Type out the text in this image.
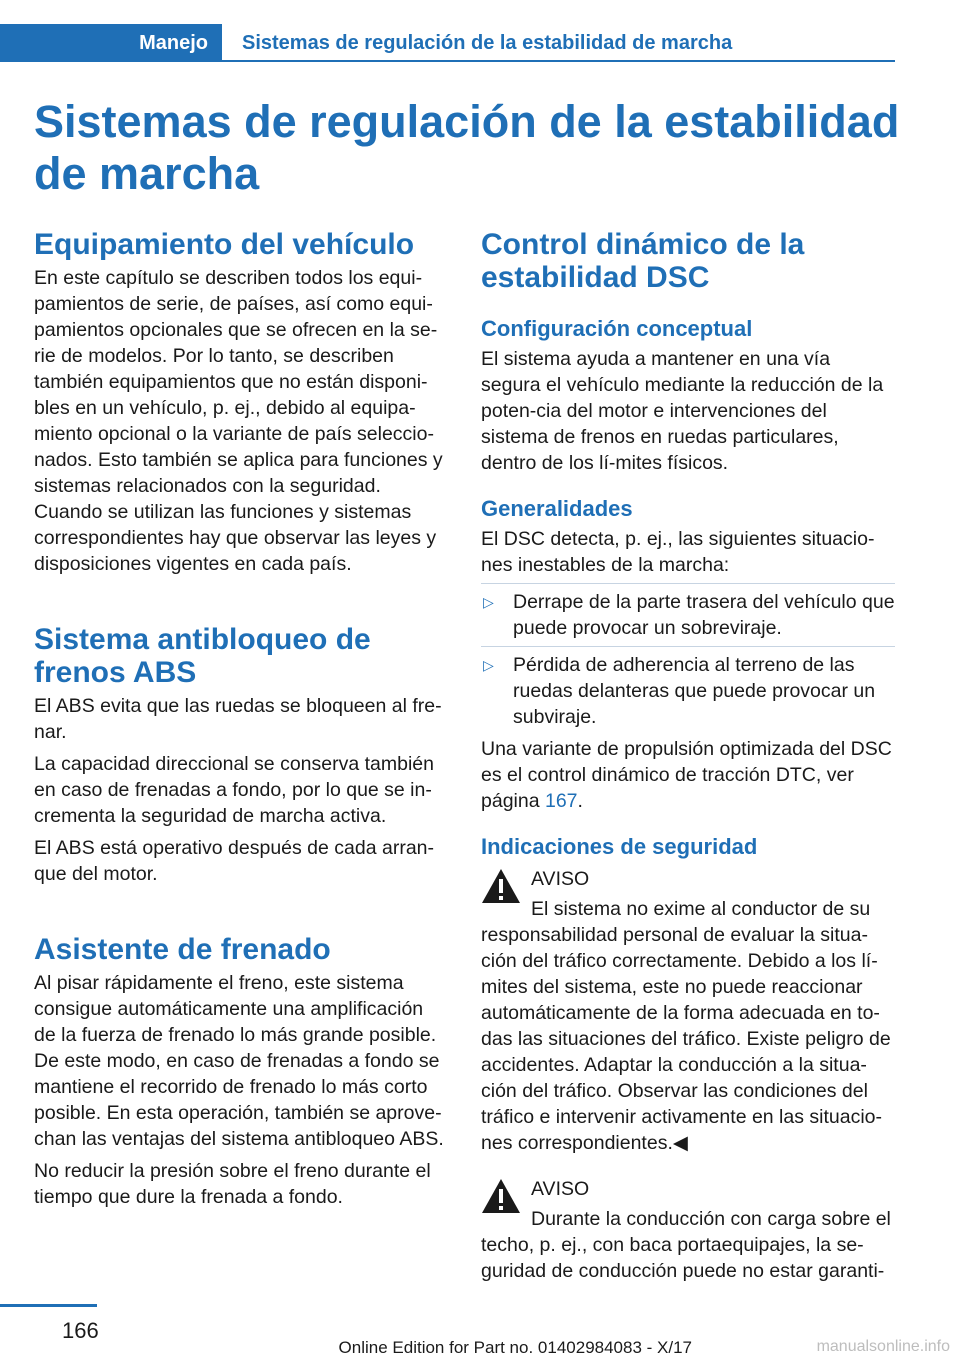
Manejo Sistemas de regulación de la estabilidad de marcha
Sistemas de regulación de la estabilidad de marcha
Equipamiento del vehículo

En este capítulo se describen todos los equi-pamientos de serie, de países, así como equi-pamientos opcionales que se ofrecen en la se-rie de modelos. Por lo tanto, se describen también equipamientos que no están disponi-bles en un vehículo, p. ej., debido al equipa-miento opcional o la variante de país seleccio-nados. Esto también se aplica para funciones y sistemas relacionados con la seguridad. Cuando se utilizan las funciones y sistemas correspondientes hay que observar las leyes y disposiciones vigentes en cada país.

Sistema antibloqueo de frenos ABS

El ABS evita que las ruedas se bloqueen al fre-nar.

La capacidad direccional se conserva también en caso de frenadas a fondo, por lo que se in-crementa la seguridad de marcha activa.

El ABS está operativo después de cada arran-que del motor.

Asistente de frenado

Al pisar rápidamente el freno, este sistema consigue automáticamente una amplificación de la fuerza de frenado lo más grande posible. De este modo, en caso de frenadas a fondo se mantiene el recorrido de frenado lo más corto posible. En esta operación, también se aprove-chan las ventajas del sistema antibloqueo ABS.

No reducir la presión sobre el freno durante el tiempo que dure la frenada a fondo.

Control dinámico de la estabilidad DSC
Configuración conceptual

El sistema ayuda a mantener en una vía segura el vehículo mediante la reducción de la poten-cia del motor e intervenciones del sistema de frenos en ruedas particulares, dentro de los lí-mites físicos.

Generalidades

El DSC detecta, p. ej., las siguientes situacio-nes inestables de la marcha:

▷ Derrape de la parte trasera del vehículo que puede provocar un sobreviraje.
▷ Pérdida de adherencia al terreno de las ruedas delanteras que puede provocar un subviraje.

Una variante de propulsión optimizada del DSC es el control dinámico de tracción DTC, ver página 167.

Indicaciones de seguridad

AVISO

El sistema no exime al conductor de su responsabilidad personal de evaluar la situa-ción del tráfico correctamente. Debido a los lí-mites del sistema, este no puede reaccionar automáticamente de la forma adecuada en to-das las situaciones del tráfico. Existe peligro de accidentes. Adaptar la conducción a la situa-ción del tráfico. Observar las condiciones del tráfico e intervenir activamente en las situacio-nes correspondientes.◀

AVISO

Durante la conducción con carga sobre el techo, p. ej., con baca portaequipajes, la se-guridad de conducción puede no estar garanti-

166
Online Edition for Part no. 01402984083 - X/17	manualsonline.info
